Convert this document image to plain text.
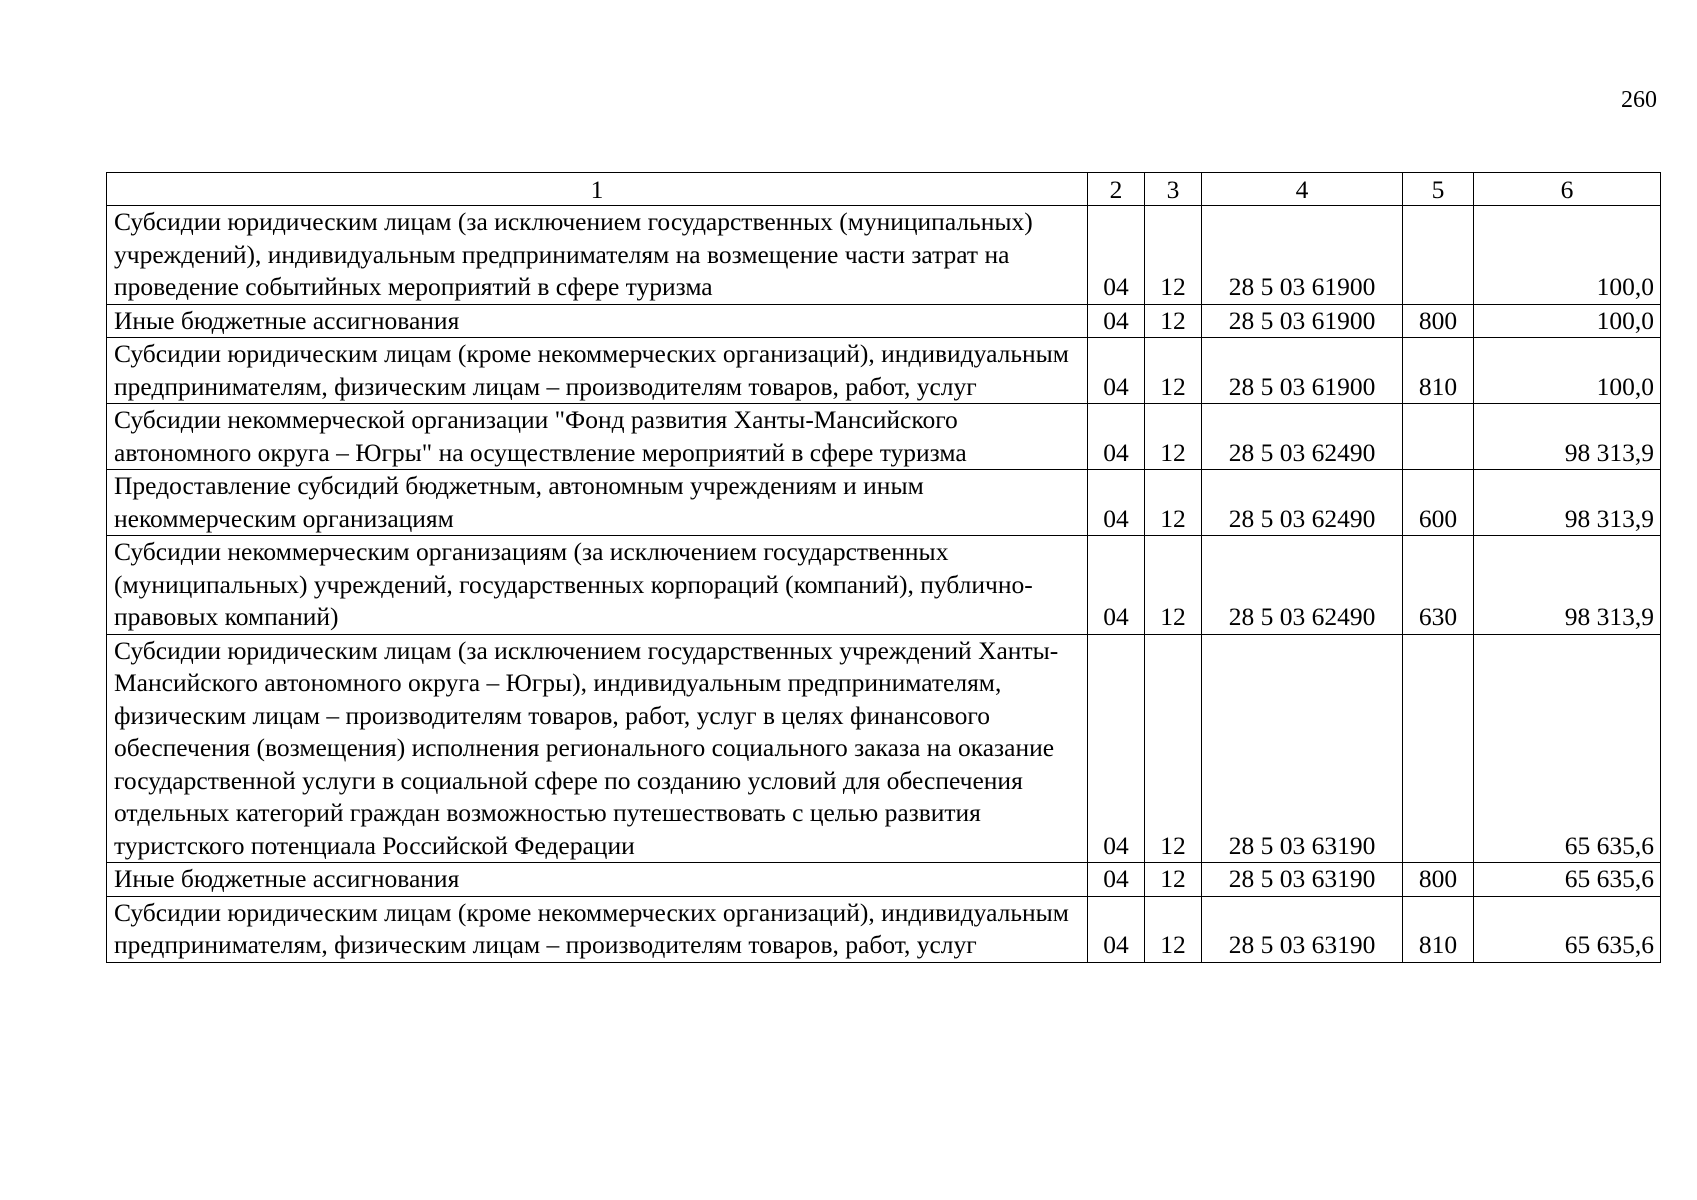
260
1	2	3	4	5	6
Субсидии юридическим лицам (за исключением государственных (муниципальных) учреждений), индивидуальным предпринимателям на возмещение части затрат на проведение событийных мероприятий в сфере туризма	04	12	28 5 03 61900		100,0
Иные бюджетные ассигнования	04	12	28 5 03 61900	800	100,0
Субсидии юридическим лицам (кроме некоммерческих организаций), индивидуальным предпринимателям, физическим лицам – производителям товаров, работ, услуг	04	12	28 5 03 61900	810	100,0
Субсидии некоммерческой организации "Фонд развития Ханты-Мансийского автономного округа – Югры" на осуществление мероприятий в сфере туризма	04	12	28 5 03 62490		98 313,9
Предоставление субсидий бюджетным, автономным учреждениям и иным некоммерческим организациям	04	12	28 5 03 62490	600	98 313,9
Субсидии некоммерческим организациям (за исключением государственных (муниципальных) учреждений, государственных корпораций (компаний), публично-правовых компаний)	04	12	28 5 03 62490	630	98 313,9
Субсидии юридическим лицам (за исключением государственных учреждений Ханты-Мансийского автономного округа – Югры), индивидуальным предпринимателям, физическим лицам – производителям товаров, работ, услуг в целях финансового обеспечения (возмещения) исполнения регионального социального заказа на оказание государственной услуги в социальной сфере по созданию условий для обеспечения отдельных категорий граждан возможностью путешествовать с целью развития туристского потенциала Российской Федерации	04	12	28 5 03 63190		65 635,6
Иные бюджетные ассигнования	04	12	28 5 03 63190	800	65 635,6
Субсидии юридическим лицам (кроме некоммерческих организаций), индивидуальным предпринимателям, физическим лицам – производителям товаров, работ, услуг	04	12	28 5 03 63190	810	65 635,6
